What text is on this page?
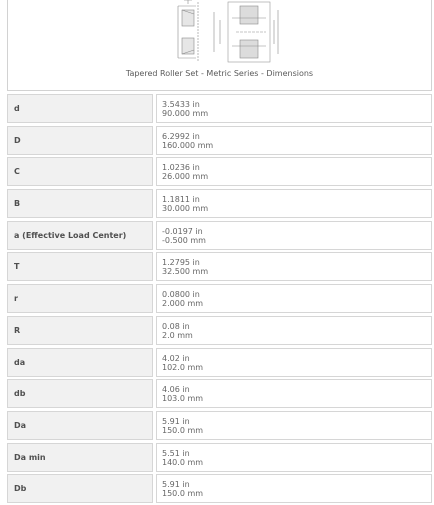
Tapered Roller Set - Metric Series - Dimensions
d	3.5433 in
90.000 mm
D	6.2992 in
160.000 mm
C	1.0236 in
26.000 mm
B	1.1811 in
30.000 mm
a (Effective Load Center)	-0.0197 in
-0.500 mm
T	1.2795 in
32.500 mm
r	0.0800 in
2.000 mm
R	0.08 in
2.0 mm
da	4.02 in
102.0 mm
db	4.06 in
103.0 mm
Da	5.91 in
150.0 mm
Da min	5.51 in
140.0 mm
Db	5.91 in
150.0 mm
